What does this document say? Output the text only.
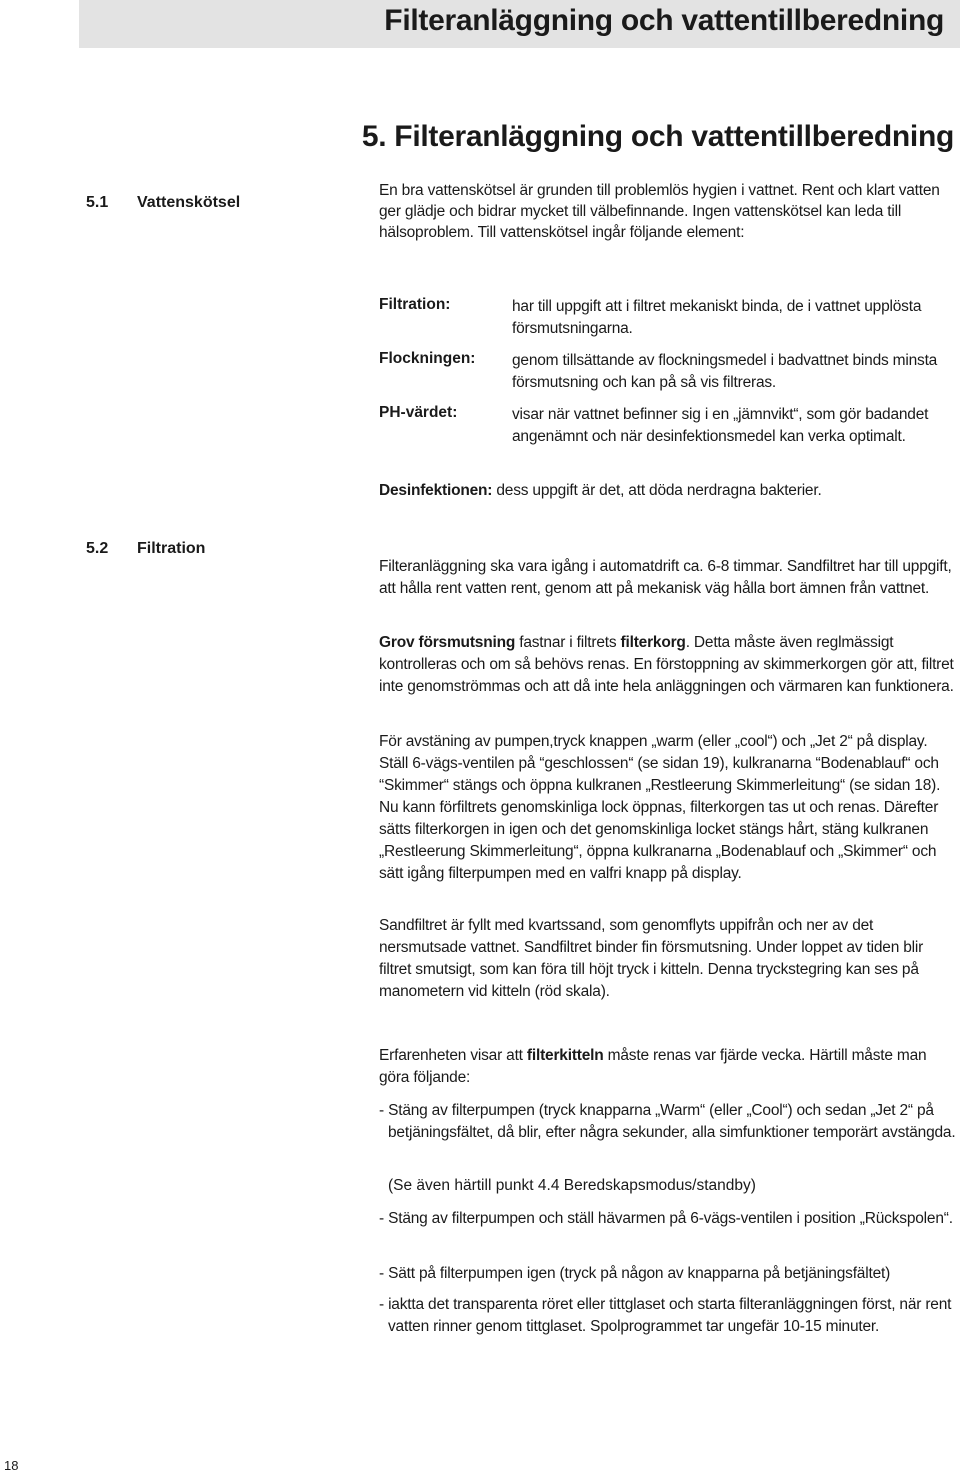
Filteranläggning och vattentillberedning
5. Filteranläggning och vattentillberedning
5.1 Vattenskötsel

En bra vattenskötsel är grunden till problemlös hygien i vattnet. Rent och klart vatten ger glädje och bidrar mycket till välbefinnande. Ingen vattenskötsel kan leda till hälsoproblem. Till vattenskötsel ingår följande element:

Filtration:	har till uppgift att i filtret mekaniskt binda, de i vattnet upplösta försmutsningarna.

Flockningen: genom tillsättande av flockningsmedel i badvattnet binds minsta försmutsning och kan på så vis filtreras.

PH-värdet:	visar när vattnet befinner sig i en „jämnvikt“, som gör badandet angenämnt och när desinfektionsmedel kan verka optimalt.

Desinfektionen: dess uppgift är det, att döda nerdragna bakterier.
5.2 Filtration

Filteranläggning ska vara igång i automatdrift ca. 6-8 timmar. Sandfiltret har till uppgift, att hålla rent vatten rent, genom att på mekanisk väg hålla bort ämnen från vattnet.

Grov försmutsning fastnar i filtrets filterkorg. Detta måste även reglmässigt kontrolleras och om så behövs renas. En förstoppning av skimmerkorgen gör att, filtret inte genomströmmas och att då inte hela anläggningen och värmaren kan funktionera.

För avstäning av pumpen,tryck knappen „warm (eller „cool“) och „Jet 2“ på display. Ställ 6-vägs-ventilen på “geschlossen“ (se sidan 19), kulkranarna “Bodenablauf“ och “Skimmer“ stängs och öppna kulkranen „Restleerung Skimmerleitung“ (se sidan 18). Nu kann förfiltrets genomskinliga lock öppnas, filterkorgen tas ut och renas. Därefter sätts filterkorgen in igen och det genomskinliga locket stängs hårt, stäng kulkranen „Restleerung Skimmerleitung“, öppna kulkranarna „Bodenablauf och „Skimmer“ och sätt igång filterpumpen med en valfri knapp på display.

Sandfiltret är fyllt med kvartssand, som genomflyts uppifrån och ner av det nersmutsade vattnet. Sandfiltret binder fin försmutsning. Under loppet av tiden blir filtret smutsigt, som kan föra till höjt tryck i kitteln. Denna tryckstegring kan ses på manometern vid kitteln (röd skala).

Erfarenheten visar att filterkitteln måste renas var fjärde vecka. Härtill måste man göra följande:

- Stäng av filterpumpen (tryck knapparna „Warm“ (eller „Cool“) och sedan „Jet 2“ på betjäningsfältet, då blir, efter några sekunder, alla simfunktioner temporärt avstängda.

(Se även härtill punkt 4.4 Beredskapsmodus/standby)

- Stäng av filterpumpen och ställ hävarmen på 6-vägs-ventilen i position „Rückspolen“.

- Sätt på filterpumpen igen (tryck på någon av knapparna på betjäningsfältet)

- iaktta det transparenta röret eller tittglaset och starta filteranläggningen först, när rent vatten rinner genom tittglaset. Spolprogrammet tar ungefär 10-15 minuter.

18
